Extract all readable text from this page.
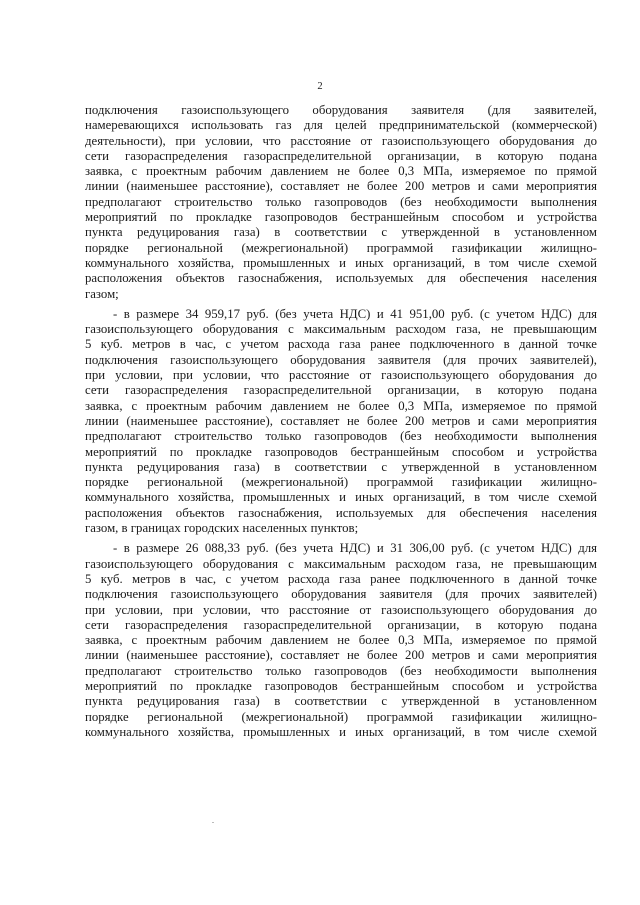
2
подключения газоиспользующего оборудования заявителя (для заявителей,
намеревающихся использовать газ для целей предпринимательской (коммерческой)
деятельности), при условии, что расстояние от газоиспользующего оборудования до
сети газораспределения газораспределительной организации, в которую подана
заявка, с проектным рабочим давлением не более 0,3 МПа, измеряемое по прямой
линии (наименьшее расстояние), составляет не более 200 метров и сами мероприятия
предполагают строительство только газопроводов (без необходимости выполнения
мероприятий по прокладке газопроводов бестраншейным способом и устройства
пункта редуцирования газа) в соответствии с утвержденной в установленном
порядке региональной (межрегиональной) программой газификации жилищно-
коммунального хозяйства, промышленных и иных организаций, в том числе схемой
расположения объектов газоснабжения, используемых для обеспечения населения
газом;
- в размере 34 959,17 руб. (без учета НДС) и 41 951,00 руб. (с учетом НДС) для
газоиспользующего оборудования с максимальным расходом газа, не превышающим
5 куб. метров в час, с учетом расхода газа ранее подключенного в данной точке
подключения газоиспользующего оборудования заявителя (для прочих заявителей),
при условии, при условии, что расстояние от газоиспользующего оборудования до
сети газораспределения газораспределительной организации, в которую подана
заявка, с проектным рабочим давлением не более 0,3 МПа, измеряемое по прямой
линии (наименьшее расстояние), составляет не более 200 метров и сами мероприятия
предполагают строительство только газопроводов (без необходимости выполнения
мероприятий по прокладке газопроводов бестраншейным способом и устройства
пункта редуцирования газа) в соответствии с утвержденной в установленном
порядке региональной (межрегиональной) программой газификации жилищно-
коммунального хозяйства, промышленных и иных организаций, в том числе схемой
расположения объектов газоснабжения, используемых для обеспечения населения
газом, в границах городских населенных пунктов;
- в размере 26 088,33 руб. (без учета НДС) и 31 306,00 руб. (с учетом НДС) для
газоиспользующего оборудования с максимальным расходом газа, не превышающим
5 куб. метров в час, с учетом расхода газа ранее подключенного в данной точке
подключения газоиспользующего оборудования заявителя (для прочих заявителей)
при условии, при условии, что расстояние от газоиспользующего оборудования до
сети газораспределения газораспределительной организации, в которую подана
заявка, с проектным рабочим давлением не более 0,3 МПа, измеряемое по прямой
линии (наименьшее расстояние), составляет не более 200 метров и сами мероприятия
предполагают строительство только газопроводов (без необходимости выполнения
мероприятий по прокладке газопроводов бестраншейным способом и устройства
пункта редуцирования газа) в соответствии с утвержденной в установленном
порядке региональной (межрегиональной) программой газификации жилищно-
коммунального хозяйства, промышленных и иных организаций, в том числе схемой
